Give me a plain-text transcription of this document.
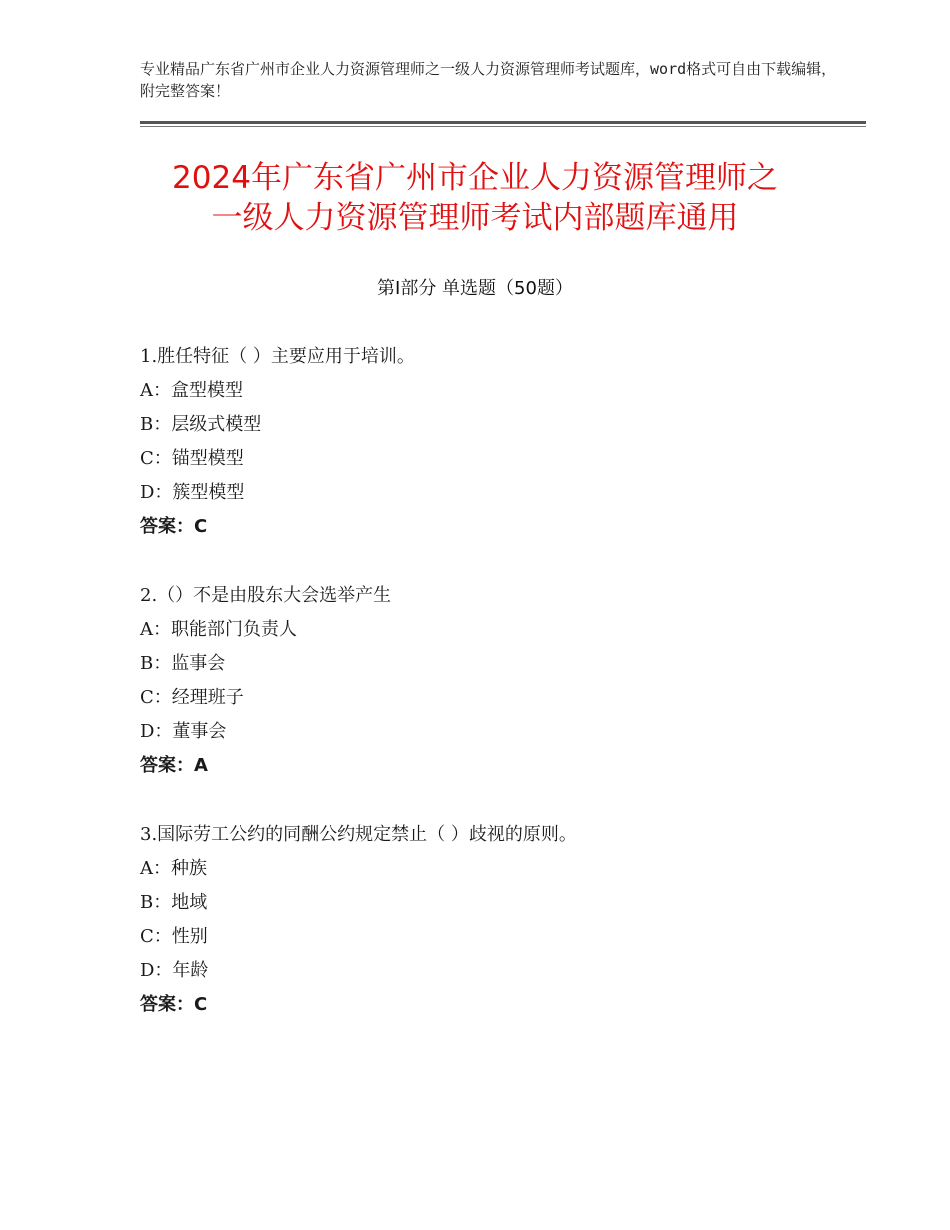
专业精品广东省广州市企业人力资源管理师之一级人力资源管理师考试题库，word格式可自由下载编辑，附完整答案！
2024年广东省广州市企业人力资源管理师之
一级人力资源管理师考试内部题库通用
第Ⅰ部分 单选题（50题）
1.胜任特征（ ）主要应用于培训。
A：盒型模型
B：层级式模型
C：锚型模型
D：簇型模型
答案：C
2.（）不是由股东大会选举产生
A：职能部门负责人
B：监事会
C：经理班子
D：董事会
答案：A
3.国际劳工公约的同酬公约规定禁止（ ）歧视的原则。
A：种族
B：地域
C：性别
D：年龄
答案：C
